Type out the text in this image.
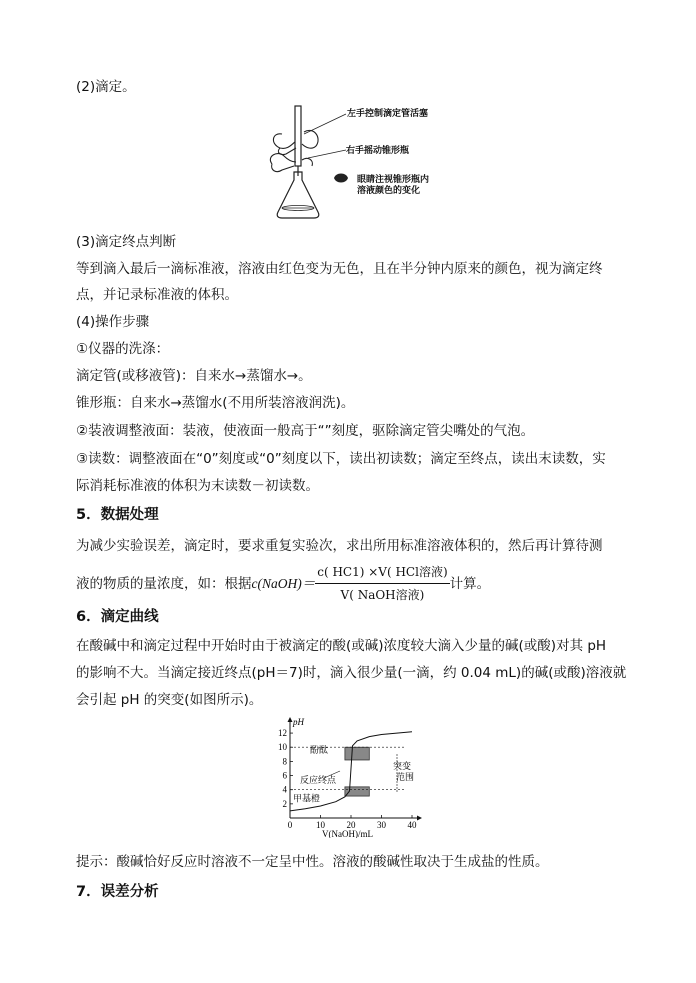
(2)滴定。
左手控制滴定管活塞
右手摇动锥形瓶
眼睛注视锥形瓶内
溶液颜色的变化
(3)滴定终点判断
等到滴入最后一滴标准液，溶液由红色变为无色，且在半分钟内原来的颜色，视为滴定终
点，并记录标准液的体积。
(4)操作步骤
①仪器的洗涤：
滴定管(或移液管)：自来水→蒸馏水→。
锥形瓶：自来水→蒸馏水(不用所装溶液润洗)。
②装液调整液面：装液，使液面一般高于“”刻度，驱除滴定管尖嘴处的气泡。
③读数：调整液面在“0”刻度或“0”刻度以下，读出初读数；滴定至终点，读出末读数，实
际消耗标准液的体积为末读数－初读数。
5．数据处理
为减少实验误差，滴定时，要求重复实验次，求出所用标准溶液体积的，然后再计算待测
液的物质的量浓度，如：根据 c(NaOH)＝ $\frac{\text{c( HC1) ×V( HCl溶液)}}{\text{V( NaOH溶液)}}$ 计算。
6．滴定曲线
在酸碱中和滴定过程中开始时由于被滴定的酸(或碱)浓度较大滴入少量的碱(或酸)对其 pH
的影响不大。当滴定接近终点(pH＝7)时，滴入很少量(一滴，约 0.04 mL)的碱(或酸)溶液就
会引起 pH 的突变(如图所示)。
pH
V(NaOH)/mL
0	10 20 30 40
2
4
6
8
10
12
酚酞
甲基橙
反应终点
突变
范围
提示：酸碱恰好反应时溶液不一定呈中性。溶液的酸碱性取决于生成盐的性质。
7．误差分析
